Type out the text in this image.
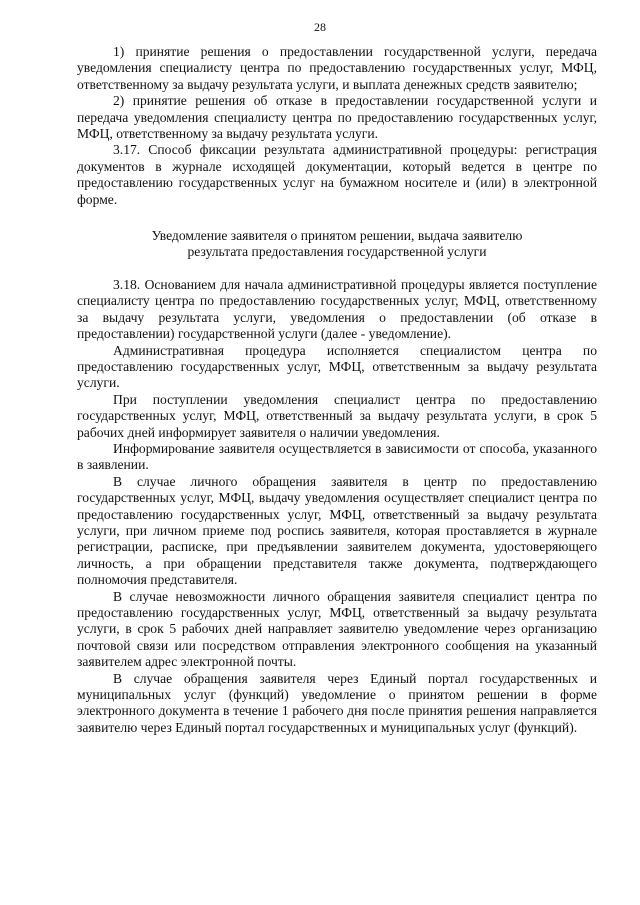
28

1) принятие решения о предоставлении государственной услуги, передача уведомления специалисту центра по предоставлению государственных услуг, МФЦ, ответственному за выдачу результата услуги, и выплата денежных средств заявителю;

2) принятие решения об отказе в предоставлении государственной услуги и передача уведомления специалисту центра по предоставлению государственных услуг, МФЦ, ответственному за выдачу результата услуги.

3.17. Способ фиксации результата административной процедуры: регистрация документов в журнале исходящей документации, который ведется в центре по предоставлению государственных услуг на бумажном носителе и (или) в электронной форме.

Уведомление заявителя о принятом решении, выдача заявителю
результата предоставления государственной услуги

3.18. Основанием для начала административной процедуры является поступление специалисту центра по предоставлению государственных услуг, МФЦ, ответственному за выдачу результата услуги, уведомления о предоставлении (об отказе в предоставлении) государственной услуги (далее - уведомление).

Административная процедура исполняется специалистом центра по предоставлению государственных услуг, МФЦ, ответственным за выдачу результата услуги.

При поступлении уведомления специалист центра по предоставлению государственных услуг, МФЦ, ответственный за выдачу результата услуги, в срок 5 рабочих дней информирует заявителя о наличии уведомления.

Информирование заявителя осуществляется в зависимости от способа, указанного в заявлении.

В случае личного обращения заявителя в центр по предоставлению государственных услуг, МФЦ, выдачу уведомления осуществляет специалист центра по предоставлению государственных услуг, МФЦ, ответственный за выдачу результата услуги, при личном приеме под роспись заявителя, которая проставляется в журнале регистрации, расписке, при предъявлении заявителем документа, удостоверяющего личность, а при обращении представителя также документа, подтверждающего полномочия представителя.

В случае невозможности личного обращения заявителя специалист центра по предоставлению государственных услуг, МФЦ, ответственный за выдачу результата услуги, в срок 5 рабочих дней направляет заявителю уведомление через организацию почтовой связи или посредством отправления электронного сообщения на указанный заявителем адрес электронной почты.

В случае обращения заявителя через Единый портал государственных и муниципальных услуг (функций) уведомление о принятом решении в форме электронного документа в течение 1 рабочего дня после принятия решения направляется заявителю через Единый портал государственных и муниципальных услуг (функций).
